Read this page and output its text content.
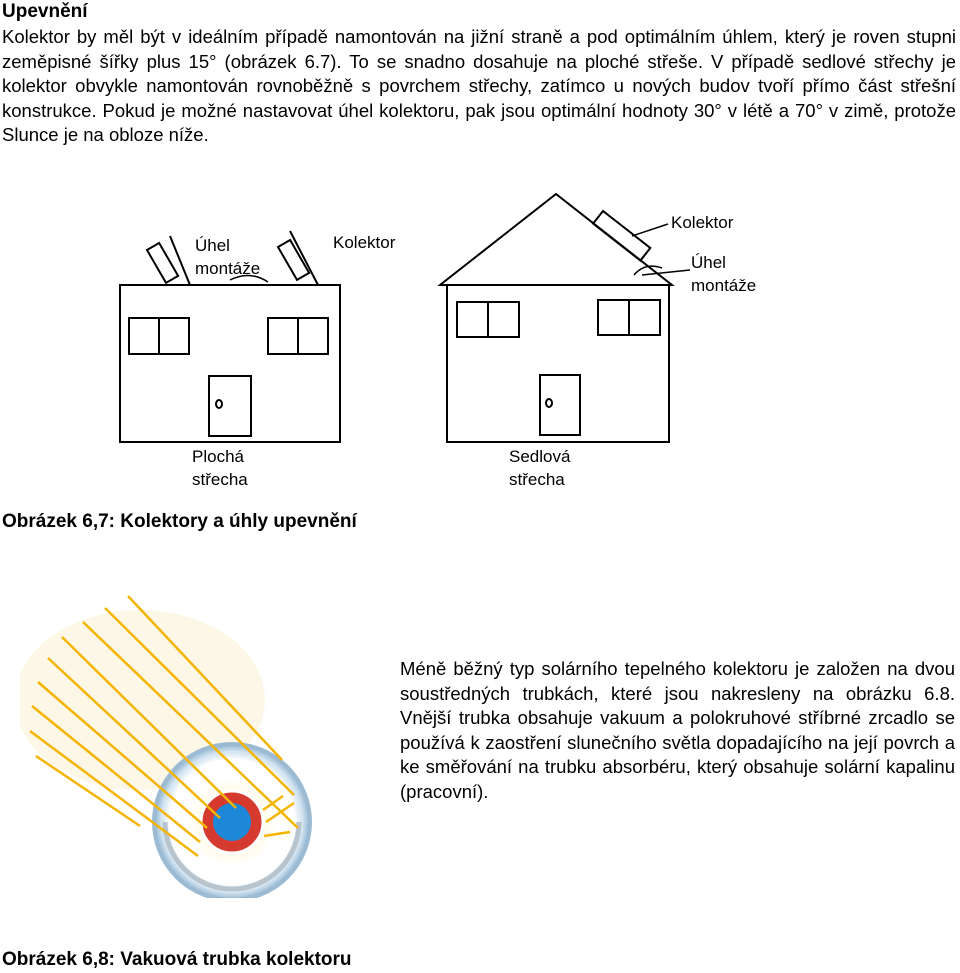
Upevnění
Kolektor by měl být v ideálním případě namontován na jižní straně a pod optimálním úhlem, který je roven stupni zeměpisné šířky plus 15° (obrázek 6.7). To se snadno dosahuje na ploché střeše. V případě sedlové střechy je kolektor obvykle namontován rovnoběžně s povrchem střechy, zatímco u nových budov tvoří přímo část střešní konstrukce. Pokud je možné nastavovat úhel kolektoru, pak jsou optimální hodnoty 30° v létě a 70° v zimě, protože Slunce je na obloze níže.
Úhel
montáže
Kolektor
Plochá
střecha
Kolektor
Úhel
montáže
Sedlová
střecha
Obrázek 6,7: Kolektory a úhly upevnění
Méně běžný typ solárního tepelného kolektoru je založen na dvou soustředných trubkách, které jsou nakresleny na obrázku 6.8. Vnější trubka obsahuje vakuum a polokruhové stříbrné zrcadlo se používá k zaostření slunečního světla dopadajícího na její povrch a ke směřování na trubku absorbéru, který obsahuje solární kapalinu (pracovní).
Obrázek 6,8: Vakuová trubka kolektoru
